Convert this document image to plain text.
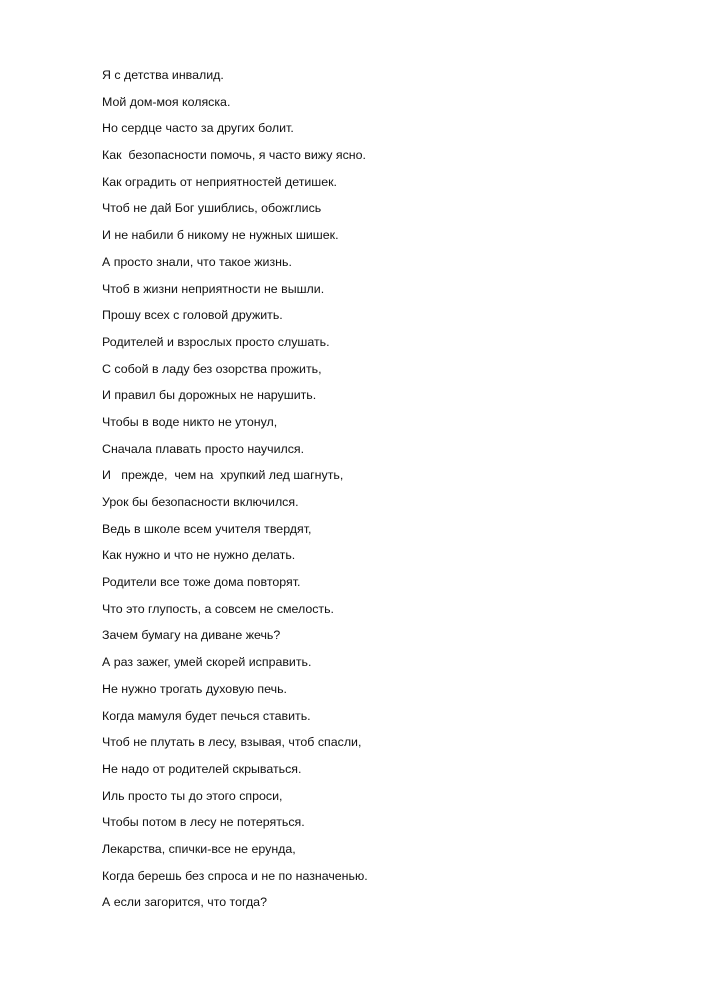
Я с детства инвалид.
Мой дом-моя коляска.
Но сердце часто за других болит.
Как  безопасности помочь, я часто вижу ясно.
Как оградить от неприятностей детишек.
Чтоб не дай Бог ушиблись, обожглись
И не набили б никому не нужных шишек.
А просто знали, что такое жизнь.
Чтоб в жизни неприятности не вышли.
Прошу всех с головой дружить.
Родителей и взрослых просто слушать.
С собой в ладу без озорства прожить,
И правил бы дорожных не нарушить.
Чтобы в воде никто не утонул,
Сначала плавать просто научился.
И   прежде,  чем на  хрупкий лед шагнуть,
Урок бы безопасности включился.
Ведь в школе всем учителя твердят,
Как нужно и что не нужно делать.
Родители все тоже дома повторят.
Что это глупость, а совсем не смелость.
Зачем бумагу на диване жечь?
А раз зажег, умей скорей исправить.
Не нужно трогать духовую печь.
Когда мамуля будет печься ставить.
Чтоб не плутать в лесу, взывая, чтоб спасли,
Не надо от родителей скрываться.
Иль просто ты до этого спроси,
Чтобы потом в лесу не потеряться.
Лекарства, спички-все не ерунда,
Когда берешь без спроса и не по назначенью.
А если загорится, что тогда?
